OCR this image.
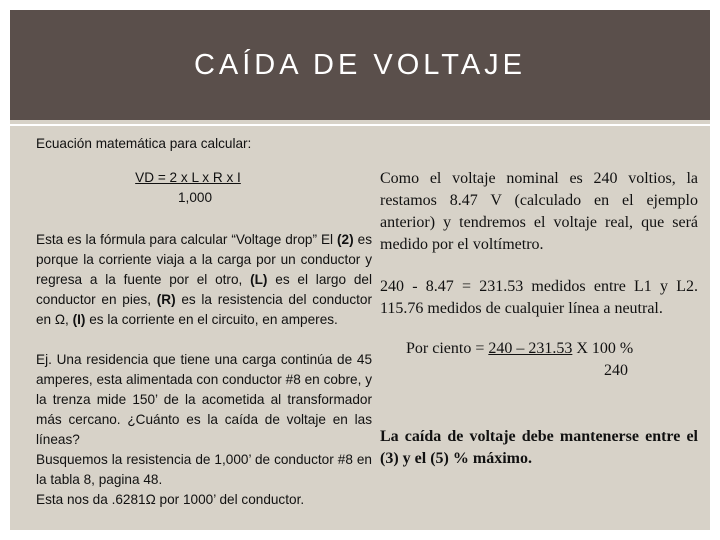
CAÍDA DE VOLTAJE

Ecuación matemática para calcular:

VD = 2 x L x R x I
1,000

Esta es la fórmula para calcular “Voltage drop” El (2) es porque la corriente viaja a la carga por un conductor y regresa a la fuente por el otro, (L) es el largo del conductor en pies, (R) es la resistencia del conductor en Ω, (I) es la corriente en el circuito, en amperes.

Ej. Una residencia que tiene una carga continúa de 45 amperes, esta alimentada con conductor #8 en cobre, y la trenza mide 150’ de la acometida al transformador más cercano. ¿Cuánto es la caída de voltaje en las líneas?

Busquemos la resistencia de 1,000’ de conductor #8 en la tabla 8, pagina 48.

Esta nos da .6281Ω por 1000’ del conductor.

Como el voltaje nominal es 240 voltios, la restamos 8.47 V (calculado en el ejemplo anterior) y tendremos el voltaje real, que será medido por el voltímetro.

240 - 8.47 = 231.53 medidos entre L1 y L2. 115.76 medidos de cualquier línea a neutral.

Por ciento = 240 – 231.53 X 100 %
240

La caída de voltaje debe mantenerse entre el (3) y el (5) % máximo.
